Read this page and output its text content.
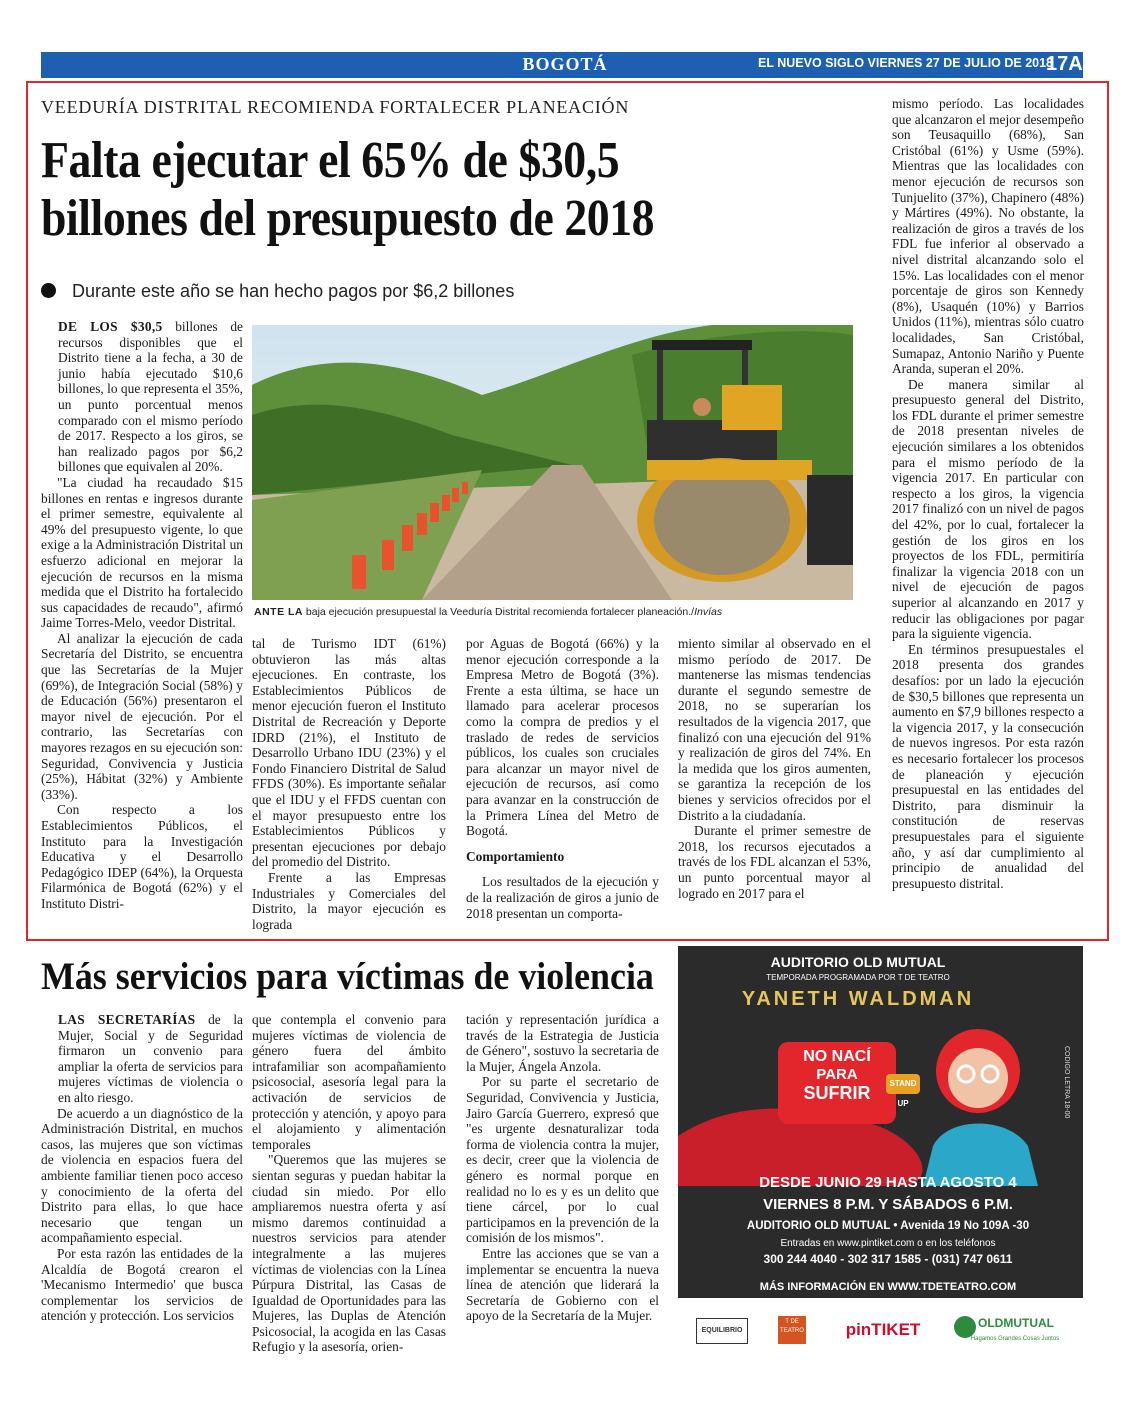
BOGOTÁ	EL NUEVO SIGLO VIERNES 27 DE JULIO DE 2018
17A
VEEDURÍA DISTRITAL RECOMIENDA FORTALECER PLANEACIÓN
Falta ejecutar el 65% de $30,5
billones del presupuesto de 2018
Durante este año se han hecho pagos por $6,2 billones
ANTE LA baja ejecución presupuestal la Veeduría Distrital recomienda fortalecer planeación./Invías

DE LOS $30,5 billones de recursos disponibles que el Distrito tiene a la fecha, a 30 de junio había ejecutado $10,6 billones, lo que representa el 35%, un punto porcentual menos comparado con el mismo período de 2017. Respecto a los giros, se han realizado pagos por $6,2 billones que equivalen al 20%.

"La ciudad ha recaudado $15 billones en rentas e ingresos durante el primer semestre, equivalente al 49% del presupuesto vigente, lo que exige a la Administración Distrital un esfuerzo adicional en mejorar la ejecución de recursos en la misma medida que el Distrito ha fortalecido sus capacidades de recaudo", afirmó Jaime Torres-Melo, veedor Distrital.

Al analizar la ejecución de cada Secretaría del Distrito, se encuentra que las Secretarías de la Mujer (69%), de Integración Social (58%) y de Educación (56%) presentaron el mayor nivel de ejecución. Por el contrario, las Secretarías con mayores rezagos en su ejecución son: Seguridad, Convivencia y Justicia (25%), Hábitat (32%) y Ambiente (33%).

Con respecto a los Establecimientos Públicos, el Instituto para la Investigación Educativa y el Desarrollo Pedagógico IDEP (64%), la Orquesta Filarmónica de Bogotá (62%) y el Instituto Distri-

tal de Turismo IDT (61%) obtuvieron las más altas ejecuciones. En contraste, los Establecimientos Públicos de menor ejecución fueron el Instituto Distrital de Recreación y Deporte IDRD (21%), el Instituto de Desarrollo Urbano IDU (23%) y el Fondo Financiero Distrital de Salud FFDS (30%). Es importante señalar que el IDU y el FFDS cuentan con el mayor presupuesto entre los Establecimientos Públicos y presentan ejecuciones por debajo del promedio del Distrito.

Frente a las Empresas Industriales y Comerciales del Distrito, la mayor ejecución es lograda

por Aguas de Bogotá (66%) y la menor ejecución corresponde a la Empresa Metro de Bogotá (3%). Frente a esta última, se hace un llamado para acelerar procesos como la compra de predios y el traslado de redes de servicios públicos, los cuales son cruciales para alcanzar un mayor nivel de ejecución de recursos, así como para avanzar en la construcción de la Primera Línea del Metro de Bogotá.

Comportamiento

Los resultados de la ejecución y de la realización de giros a junio de 2018 presentan un comporta-

miento similar al observado en el mismo período de 2017. De mantenerse las mismas tendencias durante el segundo semestre de 2018, no se superarían los resultados de la vigencia 2017, que finalizó con una ejecución del 91% y realización de giros del 74%. En la medida que los giros aumenten, se garantiza la recepción de los bienes y servicios ofrecidos por el Distrito a la ciudadanía.

Durante el primer semestre de 2018, los recursos ejecutados a través de los FDL alcanzan el 53%, un punto porcentual mayor al logrado en 2017 para el

mismo período. Las localidades que alcanzaron el mejor desempeño son Teusaquillo (68%), San Cristóbal (61%) y Usme (59%). Mientras que las localidades con menor ejecución de recursos son Tunjuelito (37%), Chapinero (48%) y Mártires (49%). No obstante, la realización de giros a través de los FDL fue inferior al observado a nivel distrital alcanzando solo el 15%. Las localidades con el menor porcentaje de giros son Kennedy (8%), Usaquén (10%) y Barrios Unidos (11%), mientras sólo cuatro localidades, San Cristóbal, Sumapaz, Antonio Nariño y Puente Aranda, superan el 20%.

De manera similar al presupuesto general del Distrito, los FDL durante el primer semestre de 2018 presentan niveles de ejecución similares a los obtenidos para el mismo período de la vigencia 2017. En particular con respecto a los giros, la vigencia 2017 finalizó con un nivel de pagos del 42%, por lo cual, fortalecer la gestión de los giros en los proyectos de los FDL, permitiría finalizar la vigencia 2018 con un nivel de ejecución de pagos superior al alcanzando en 2017 y reducir las obligaciones por pagar para la siguiente vigencia.

En términos presupuestales el 2018 presenta dos grandes desafíos: por un lado la ejecución de $30,5 billones que representa un aumento en $7,9 billones respecto a la vigencia 2017, y la consecución de nuevos ingresos. Por esta razón es necesario fortalecer los procesos de planeación y ejecución presupuestal en las entidades del Distrito, para disminuir la constitución de reservas presupuestales para el siguiente año, y así dar cumplimiento al principio de anualidad del presupuesto distrital.

Más servicios para víctimas de violencia

LAS SECRETARÍAS de la Mujer, Social y de Seguridad firmaron un convenio para ampliar la oferta de servicios para mujeres víctimas de violencia o en alto riesgo.

De acuerdo a un diagnóstico de la Administración Distrital, en muchos casos, las mujeres que son víctimas de violencia en espacios fuera del ambiente familiar tienen poco acceso y conocimiento de la oferta del Distrito para ellas, lo que hace necesario que tengan un acompañamiento especial.

Por esta razón las entidades de la Alcaldía de Bogotá crearon el 'Mecanismo Intermedio' que busca complementar los servicios de atención y protección. Los servicios

que contempla el convenio para mujeres víctimas de violencia de género fuera del ámbito intrafamiliar son acompañamiento psicosocial, asesoría legal para la activación de servicios de protección y atención, y apoyo para el alojamiento y alimentación temporales

"Queremos que las mujeres se sientan seguras y puedan habitar la ciudad sin miedo. Por ello ampliaremos nuestra oferta y así mismo daremos continuidad a nuestros servicios para atender integralmente a las mujeres víctimas de violencias con la Línea Púrpura Distrital, las Casas de Igualdad de Oportunidades para las Mujeres, las Duplas de Atención Psicosocial, la acogida en las Casas Refugio y la asesoría, orien-

tación y representación jurídica a través de la Estrategia de Justicia de Género", sostuvo la secretaria de la Mujer, Ángela Anzola.

Por su parte el secretario de Seguridad, Convivencia y Justicia, Jairo García Guerrero, expresó que "es urgente desnaturalizar toda forma de violencia contra la mujer, es decir, creer que la violencia de género es normal porque en realidad no lo es y es un delito que tiene cárcel, por lo cual participamos en la prevención de la comisión de los mismos".

Entre las acciones que se van a implementar se encuentra la nueva línea de atención que liderará la Secretaría de Gobierno con el apoyo de la Secretaría de la Mujer.

AUDITORIO OLD MUTUAL
TEMPORADA PROGRAMADA POR T DE TEATRO
YANETH WALDMAN
NO NACÍ
PARA
SUFRIR	STAND UP	CODIGO LETRA 18-00
DESDE JUNIO 29 HASTA AGOSTO 4
VIERNES 8 P.M. Y SÁBADOS 6 P.M.
AUDITORIO OLD MUTUAL • Avenida 19 No 109A -30
Entradas en www.pintiket.com o en los teléfonos
300 244 4040 - 302 317 1585 - (031) 747 0611
MÁS INFORMACIÓN EN WWW.TDETEATRO.COM
EQUILIBRIO
T DE TEATRO	pinTIKET	OLDMUTUAL
Hagamos Grandes Cosas Juntos
